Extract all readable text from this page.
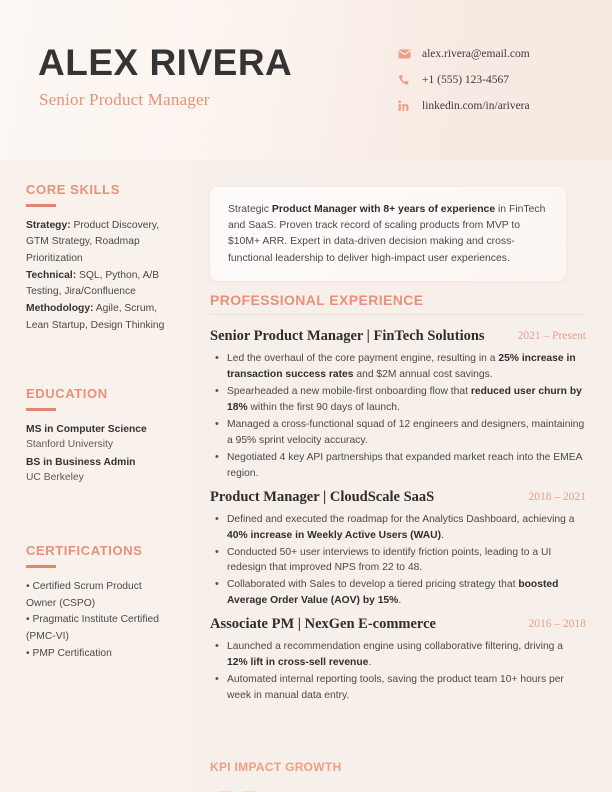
ALEX RIVERA
Senior Product Manager
alex.rivera@email.com
+1 (555) 123-4567
linkedin.com/in/arivera
CORE SKILLS
Strategy: Product Discovery, GTM Strategy, Roadmap Prioritization
Technical: SQL, Python, A/B Testing, Jira/Confluence
Methodology: Agile, Scrum, Lean Startup, Design Thinking
EDUCATION
MS in Computer Science
Stanford University
BS in Business Admin
UC Berkeley
CERTIFICATIONS
• Certified Scrum Product Owner (CSPO)
• Pragmatic Institute Certified (PMC-VI)
• PMP Certification

Strategic Product Manager with 8+ years of experience in FinTech and SaaS. Proven track record of scaling products from MVP to $10M+ ARR. Expert in data-driven decision making and cross-functional leadership to deliver high-impact user experiences.

PROFESSIONAL EXPERIENCE
Senior Product Manager | FinTech Solutions	2021 – Present
• Led the overhaul of the core payment engine, resulting in a 25% increase in transaction success rates and $2M annual cost savings.
• Spearheaded a new mobile-first onboarding flow that reduced user churn by 18% within the first 90 days of launch.
• Managed a cross-functional squad of 12 engineers and designers, maintaining a 95% sprint velocity accuracy.
• Negotiated 4 key API partnerships that expanded market reach into the EMEA region.
Product Manager | CloudScale SaaS	2018 – 2021
• Defined and executed the roadmap for the Analytics Dashboard, achieving a 40% increase in Weekly Active Users (WAU).
• Conducted 50+ user interviews to identify friction points, leading to a UI redesign that improved NPS from 22 to 48.
• Collaborated with Sales to develop a tiered pricing strategy that boosted Average Order Value (AOV) by 15%.
Associate PM | NexGen E-commerce	2016 – 2018
• Launched a recommendation engine using collaborative filtering, driving a 12% lift in cross-sell revenue.
• Automated internal reporting tools, saving the product team 10+ hours per week in manual data entry.
KPI IMPACT GROWTH
